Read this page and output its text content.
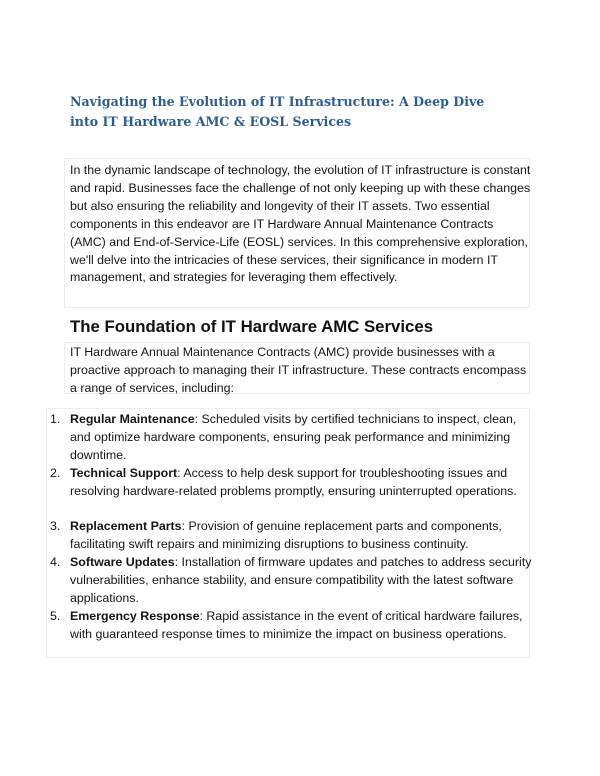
Navigating the Evolution of IT Infrastructure: A Deep Dive into IT Hardware AMC & EOSL Services

In the dynamic landscape of technology, the evolution of IT infrastructure is constant and rapid. Businesses face the challenge of not only keeping up with these changes but also ensuring the reliability and longevity of their IT assets. Two essential components in this endeavor are IT Hardware Annual Maintenance Contracts (AMC) and End-of-Service-Life (EOSL) services. In this comprehensive exploration, we'll delve into the intricacies of these services, their significance in modern IT management, and strategies for leveraging them effectively.

The Foundation of IT Hardware AMC Services

IT Hardware Annual Maintenance Contracts (AMC) provide businesses with a proactive approach to managing their IT infrastructure. These contracts encompass a range of services, including:

1. Regular Maintenance: Scheduled visits by certified technicians to inspect, clean, and optimize hardware components, ensuring peak performance and minimizing downtime.
2. Technical Support: Access to help desk support for troubleshooting issues and resolving hardware-related problems promptly, ensuring uninterrupted operations.
3. Replacement Parts: Provision of genuine replacement parts and components, facilitating swift repairs and minimizing disruptions to business continuity.
4. Software Updates: Installation of firmware updates and patches to address security vulnerabilities, enhance stability, and ensure compatibility with the latest software applications.
5. Emergency Response: Rapid assistance in the event of critical hardware failures, with guaranteed response times to minimize the impact on business operations.
